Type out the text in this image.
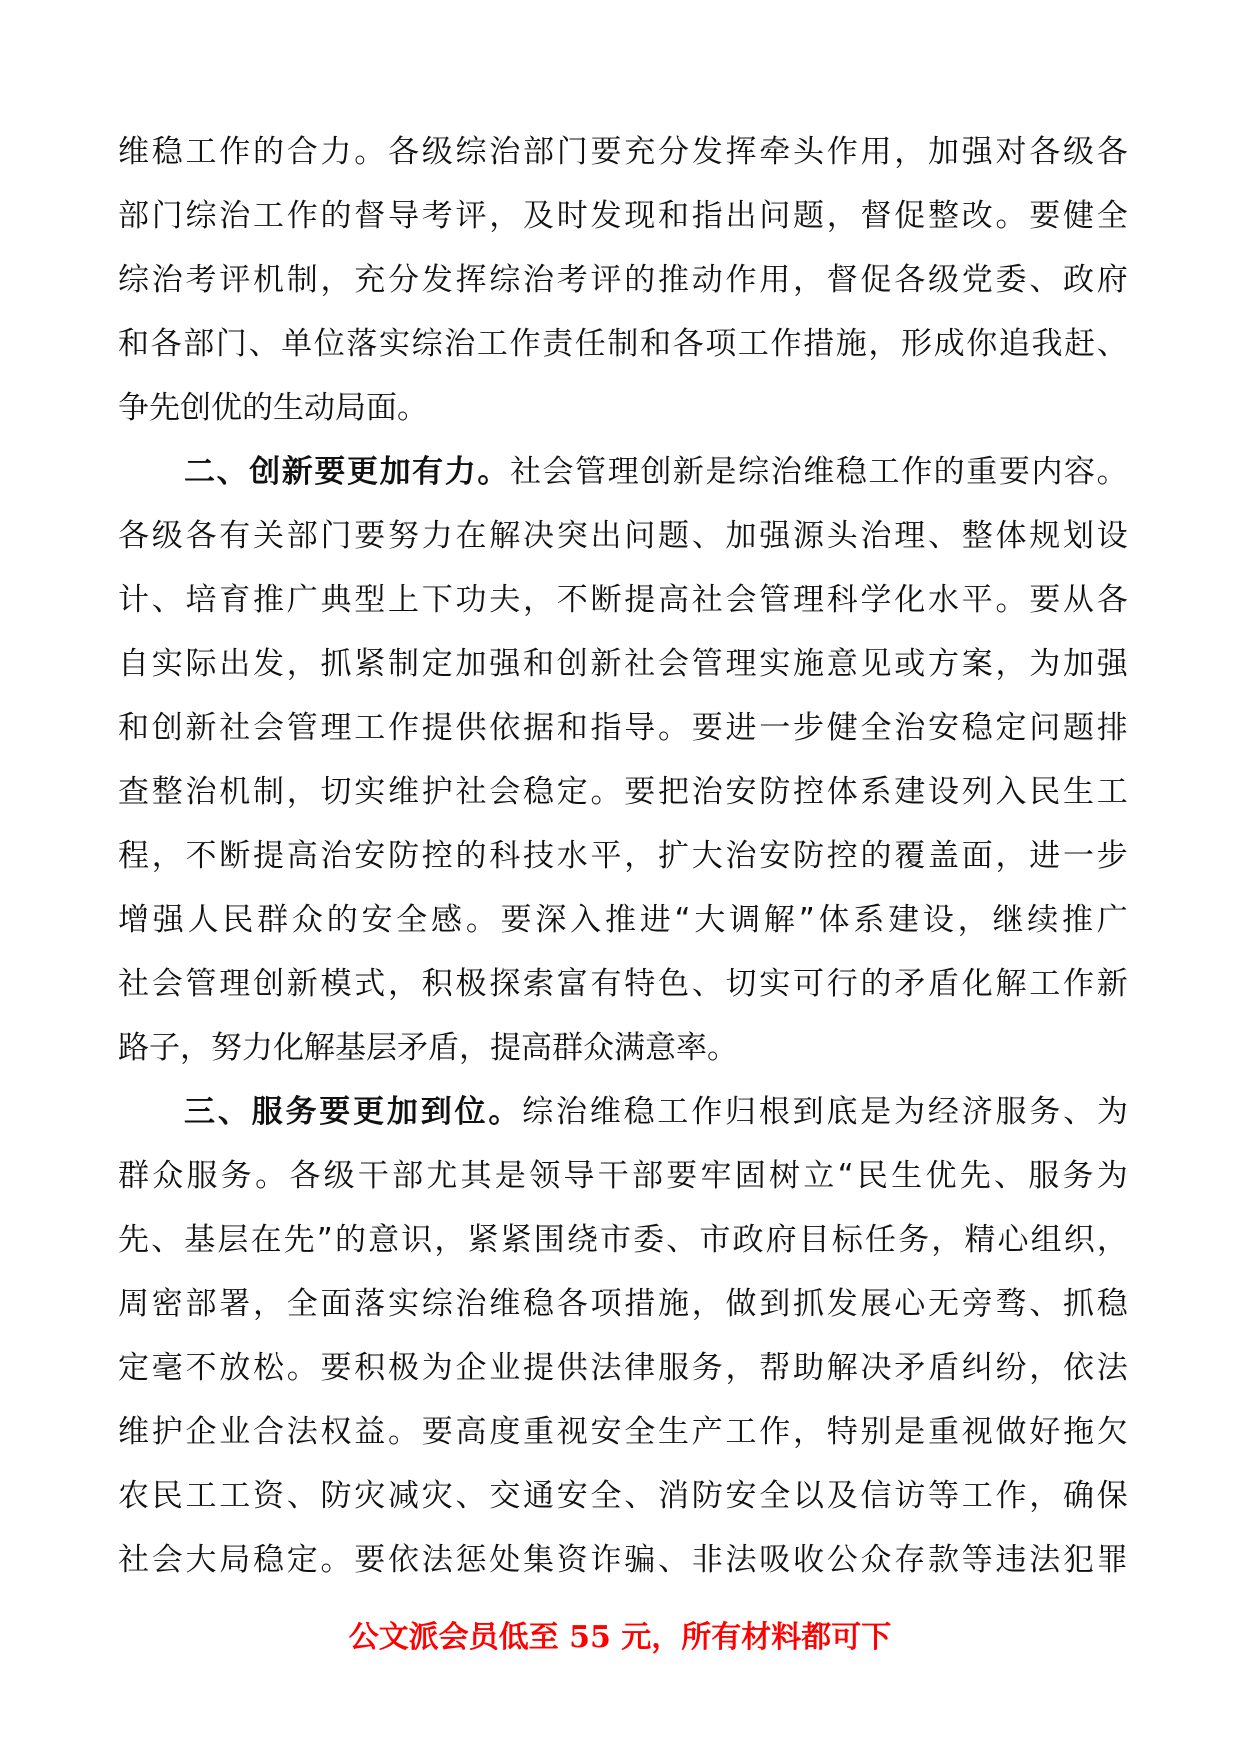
维 稳 工 作 的 合 力 。 各 级 综 治 部 门 要 充 分 发 挥 牵 头 作 用 ， 加 强 对 各 级 各
部 门 综 治 工 作 的 督 导 考 评 ， 及 时 发 现 和 指 出 问 题 ， 督 促 整 改 。 要 健 全
综 治 考 评 机 制 ， 充 分 发 挥 综 治 考 评 的 推 动 作 用 ， 督 促 各 级 党 委 、 政 府
和 各 部 门 、 单 位 落 实 综 治 工 作 责 任 制 和 各 项 工 作 措 施 ， 形 成 你 追 我 赶 、
争 先 创 优 的 生 动 局 面 。
二 、 创 新 要 更 加 有 力 。 社 会 管 理 创 新 是 综 治 维 稳 工 作 的 重 要 内 容 。
各 级 各 有 关 部 门 要 努 力 在 解 决 突 出 问 题 、 加 强 源 头 治 理 、 整 体 规 划 设
计 、 培 育 推 广 典 型 上 下 功 夫 ， 不 断 提 高 社 会 管 理 科 学 化 水 平 。 要 从 各
自 实 际 出 发 ， 抓 紧 制 定 加 强 和 创 新 社 会 管 理 实 施 意 见 或 方 案 ， 为 加 强
和 创 新 社 会 管 理 工 作 提 供 依 据 和 指 导 。 要 进 一 步 健 全 治 安 稳 定 问 题 排
查 整 治 机 制 ， 切 实 维 护 社 会 稳 定 。 要 把 治 安 防 控 体 系 建 设 列 入 民 生 工
程 ， 不 断 提 高 治 安 防 控 的 科 技 水 平 ， 扩 大 治 安 防 控 的 覆 盖 面 ， 进 一 步
增 强 人 民 群 众 的 安 全 感 。 要 深 入 推 进 “ 大 调 解 ” 体 系 建 设 ， 继 续 推 广
社 会 管 理 创 新 模 式 ， 积 极 探 索 富 有 特 色 、 切 实 可 行 的 矛 盾 化 解 工 作 新
路 子 ， 努 力 化 解 基 层 矛 盾 ， 提 高 群 众 满 意 率 。
三 、 服 务 要 更 加 到 位 。 综 治 维 稳 工 作 归 根 到 底 是 为 经 济 服 务 、 为
群 众 服 务 。 各 级 干 部 尤 其 是 领 导 干 部 要 牢 固 树 立 “ 民 生 优 先 、 服 务 为
先 、 基 层 在 先 ” 的 意 识 ， 紧 紧 围 绕 市 委 、 市 政 府 目 标 任 务 ， 精 心 组 织 ，
周 密 部 署 ， 全 面 落 实 综 治 维 稳 各 项 措 施 ， 做 到 抓 发 展 心 无 旁 骛 、 抓 稳
定 毫 不 放 松 。 要 积 极 为 企 业 提 供 法 律 服 务 ， 帮 助 解 决 矛 盾 纠 纷 ， 依 法
维 护 企 业 合 法 权 益 。 要 高 度 重 视 安 全 生 产 工 作 ， 特 别 是 重 视 做 好 拖 欠
农 民 工 工 资 、 防 灾 减 灾 、 交 通 安 全 、 消 防 安 全 以 及 信 访 等 工 作 ， 确 保
社 会 大 局 稳 定 。 要 依 法 惩 处 集 资 诈 骗 、 非 法 吸 收 公 众 存 款 等 违 法 犯 罪
公文派会员低至 55 元，所有材料都可下
